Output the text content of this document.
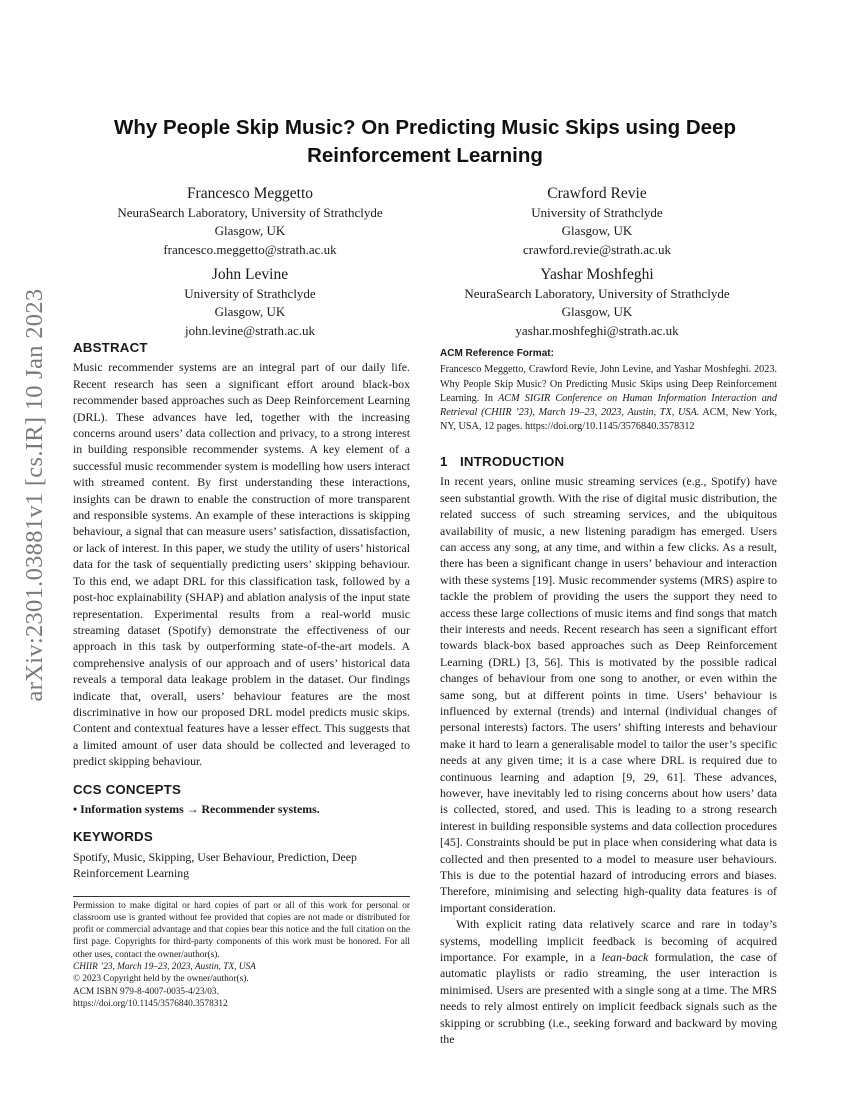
arXiv:2301.03881v1 [cs.IR] 10 Jan 2023
Why People Skip Music? On Predicting Music Skips using Deep Reinforcement Learning
Francesco Meggetto
NeuraSearch Laboratory, University of Strathclyde
Glasgow, UK
francesco.meggetto@strath.ac.uk
Crawford Revie
University of Strathclyde
Glasgow, UK
crawford.revie@strath.ac.uk
John Levine
University of Strathclyde
Glasgow, UK
john.levine@strath.ac.uk
Yashar Moshfeghi
NeuraSearch Laboratory, University of Strathclyde
Glasgow, UK
yashar.moshfeghi@strath.ac.uk
ABSTRACT

Music recommender systems are an integral part of our daily life. Recent research has seen a significant effort around black-box recommender based approaches such as Deep Reinforcement Learning (DRL). These advances have led, together with the increasing concerns around users’ data collection and privacy, to a strong interest in building responsible recommender systems. A key element of a successful music recommender system is modelling how users interact with streamed content. By first understanding these interactions, insights can be drawn to enable the construction of more transparent and responsible systems. An example of these interactions is skipping behaviour, a signal that can measure users’ satisfaction, dissatisfaction, or lack of interest. In this paper, we study the utility of users’ historical data for the task of sequentially predicting users’ skipping behaviour. To this end, we adapt DRL for this classification task, followed by a post-hoc explainability (SHAP) and ablation analysis of the input state representation. Experimental results from a real-world music streaming dataset (Spotify) demonstrate the effectiveness of our approach in this task by outperforming state-of-the-art models. A comprehensive analysis of our approach and of users’ historical data reveals a temporal data leakage problem in the dataset. Our findings indicate that, overall, users’ behaviour features are the most discriminative in how our proposed DRL model predicts music skips. Content and contextual features have a lesser effect. This suggests that a limited amount of user data should be collected and leveraged to predict skipping behaviour.

CCS CONCEPTS

• Information systems → Recommender systems.

KEYWORDS

Spotify, Music, Skipping, User Behaviour, Prediction, Deep Reinforcement Learning

Permission to make digital or hard copies of part or all of this work for personal or classroom use is granted without fee provided that copies are not made or distributed for profit or commercial advantage and that copies bear this notice and the full citation on the first page. Copyrights for third-party components of this work must be honored. For all other uses, contact the owner/author(s).
CHIIR ’23, March 19–23, 2023, Austin, TX, USA
© 2023 Copyright held by the owner/author(s).
ACM ISBN 979-8-4007-0035-4/23/03.
https://doi.org/10.1145/3576840.3578312
ACM Reference Format:
Francesco Meggetto, Crawford Revie, John Levine, and Yashar Moshfeghi. 2023. Why People Skip Music? On Predicting Music Skips using Deep Reinforcement Learning. In ACM SIGIR Conference on Human Information Interaction and Retrieval (CHIIR ’23), March 19–23, 2023, Austin, TX, USA. ACM, New York, NY, USA, 12 pages. https://doi.org/10.1145/3576840.3578312
1 INTRODUCTION

In recent years, online music streaming services (e.g., Spotify) have seen substantial growth. With the rise of digital music distribution, the related success of such streaming services, and the ubiquitous availability of music, a new listening paradigm has emerged. Users can access any song, at any time, and within a few clicks. As a result, there has been a significant change in users’ behaviour and interaction with these systems [19]. Music recommender systems (MRS) aspire to tackle the problem of providing the users the support they need to access these large collections of music items and find songs that match their interests and needs. Recent research has seen a significant effort towards black-box based approaches such as Deep Reinforcement Learning (DRL) [3, 56]. This is motivated by the possible radical changes of behaviour from one song to another, or even within the same song, but at different points in time. Users’ behaviour is influenced by external (trends) and internal (individual changes of personal interests) factors. The users’ shifting interests and behaviour make it hard to learn a generalisable model to tailor the user’s specific needs at any given time; it is a case where DRL is required due to continuous learning and adaption [9, 29, 61]. These advances, however, have inevitably led to rising concerns about how users’ data is collected, stored, and used. This is leading to a strong research interest in building responsible systems and data collection procedures [45]. Constraints should be put in place when considering what data is collected and then presented to a model to measure user behaviours. This is due to the potential hazard of introducing errors and biases. Therefore, minimising and selecting high-quality data features is of important consideration.

With explicit rating data relatively scarce and rare in today’s systems, modelling implicit feedback is becoming of acquired importance. For example, in a lean-back formulation, the case of automatic playlists or radio streaming, the user interaction is minimised. Users are presented with a single song at a time. The MRS needs to rely almost entirely on implicit feedback signals such as the skipping or scrubbing (i.e., seeking forward and backward by moving the
